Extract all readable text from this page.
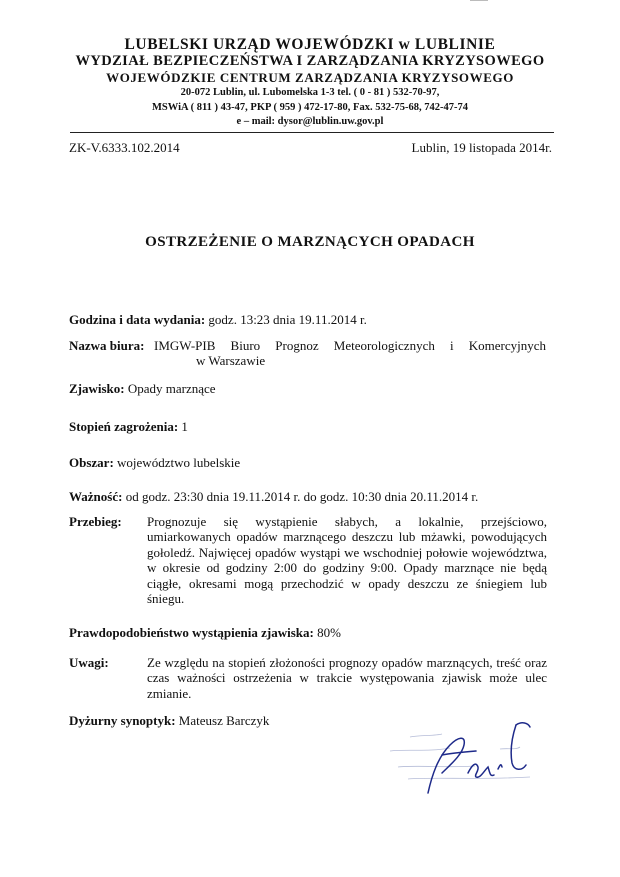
LUBELSKI URZĄD WOJEWÓDZKI w LUBLINIE
WYDZIAŁ BEZPIECZEŃSTWA I ZARZĄDZANIA KRYZYSOWEGO
WOJEWÓDZKIE CENTRUM ZARZĄDZANIA KRYZYSOWEGO
20-072 Lublin, ul. Lubomelska 1-3 tel. ( 0 - 81 ) 532-70-97,
MSWiA ( 811 ) 43-47, PKP ( 959 ) 472-17-80, Fax. 532-75-68, 742-47-74
e – mail: dysor@lublin.uw.gov.pl
ZK-V.6333.102.2014	Lublin, 19 listopada 2014r.
OSTRZEŻENIE O MARZNĄCYCH OPADACH
Godzina i data wydania: godz. 13:23 dnia 19.11.2014 r.
Nazwa biura: IMGW-PIB Biuro Prognoz Meteorologicznych i Komercyjnych
w Warszawie
Zjawisko: Opady marznące
Stopień zagrożenia: 1
Obszar: województwo lubelskie
Ważność: od godz. 23:30 dnia 19.11.2014 r. do godz. 10:30 dnia 20.11.2014 r.
Przebieg: Prognozuje się wystąpienie słabych, a lokalnie, przejściowo, umiarkowanych opadów marznącego deszczu lub mżawki, powodujących gołoledź. Najwięcej opadów wystąpi we wschodniej połowie województwa, w okresie od godziny 2:00 do godziny 9:00. Opady marznące nie będą ciągłe, okresami mogą przechodzić w opady deszczu ze śniegiem lub śniegu.
Prawdopodobieństwo wystąpienia zjawiska: 80%
Uwagi:	Ze względu na stopień złożoności prognozy opadów marznących, treść oraz czas ważności ostrzeżenia w trakcie występowania zjawisk może ulec zmianie.
Dyżurny synoptyk: Mateusz Barczyk
